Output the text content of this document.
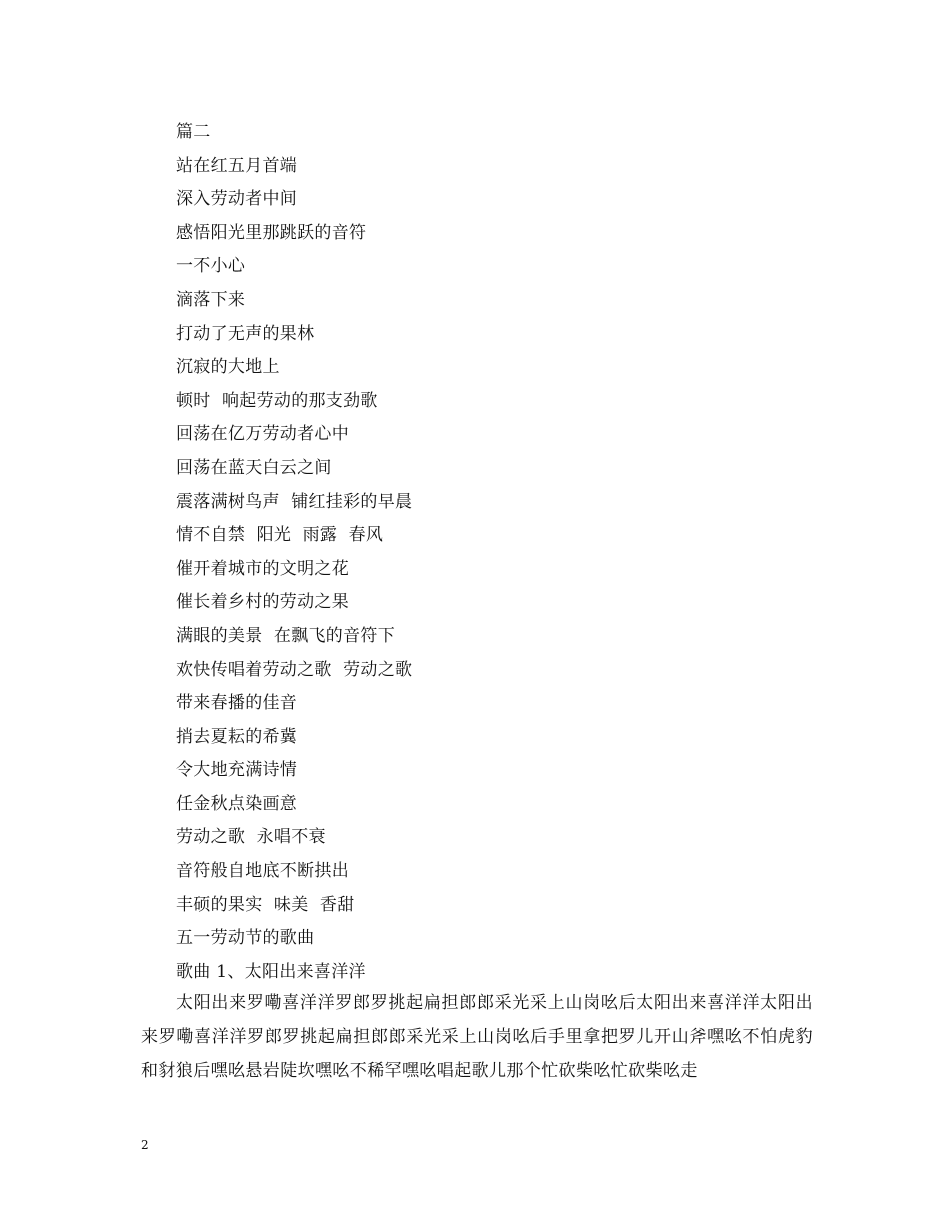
篇二
站在红五月首端
深入劳动者中间
感悟阳光里那跳跃的音符
一不小心
滴落下来
打动了无声的果林
沉寂的大地上
顿时  响起劳动的那支劲歌
回荡在亿万劳动者心中
回荡在蓝天白云之间
震落满树鸟声  铺红挂彩的早晨
情不自禁  阳光  雨露  春风
催开着城市的文明之花
催长着乡村的劳动之果
满眼的美景  在飘飞的音符下
欢快传唱着劳动之歌  劳动之歌
带来春播的佳音
捎去夏耘的希冀
令大地充满诗情
任金秋点染画意
劳动之歌  永唱不衰
音符般自地底不断拱出
丰硕的果实  味美  香甜
五一劳动节的歌曲
歌曲 1、太阳出来喜洋洋

太阳出来罗嘞喜洋洋罗郎罗挑起扁担郎郎采光采上山岗吆后太阳出来喜洋洋太阳出来罗嘞喜洋洋罗郎罗挑起扁担郎郎采光采上山岗吆后手里拿把罗儿开山斧嘿吆不怕虎豹和豺狼后嘿吆悬岩陡坎嘿吆不稀罕嘿吆唱起歌儿那个忙砍柴吆忙砍柴吆走

2
